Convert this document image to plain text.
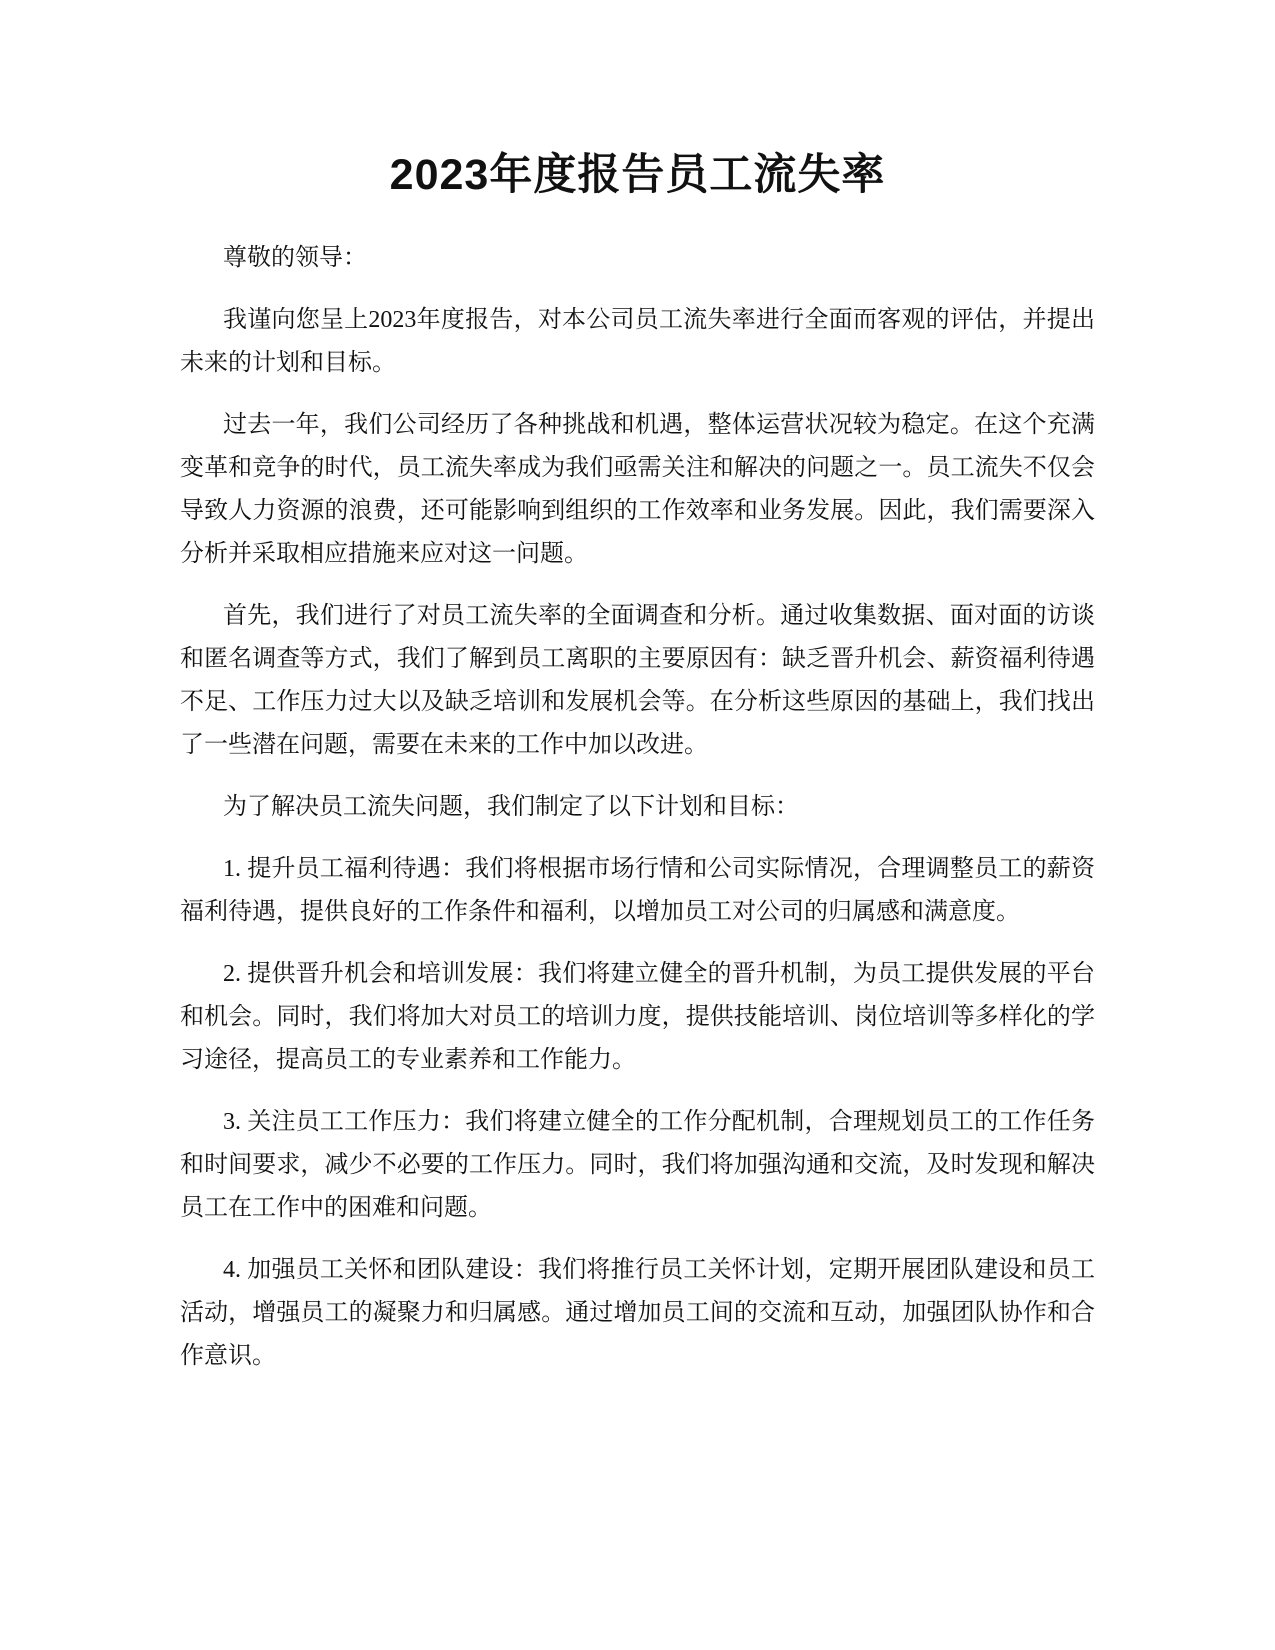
2023年度报告员工流失率

尊敬的领导：

我谨向您呈上2023年度报告，对本公司员工流失率进行全面而客观的评估，并提出未来的计划和目标。

过去一年，我们公司经历了各种挑战和机遇，整体运营状况较为稳定。在这个充满变革和竞争的时代，员工流失率成为我们亟需关注和解决的问题之一。员工流失不仅会导致人力资源的浪费，还可能影响到组织的工作效率和业务发展。因此，我们需要深入分析并采取相应措施来应对这一问题。

首先，我们进行了对员工流失率的全面调查和分析。通过收集数据、面对面的访谈和匿名调查等方式，我们了解到员工离职的主要原因有：缺乏晋升机会、薪资福利待遇不足、工作压力过大以及缺乏培训和发展机会等。在分析这些原因的基础上，我们找出了一些潜在问题，需要在未来的工作中加以改进。

为了解决员工流失问题，我们制定了以下计划和目标：

1. 提升员工福利待遇：我们将根据市场行情和公司实际情况，合理调整员工的薪资福利待遇，提供良好的工作条件和福利，以增加员工对公司的归属感和满意度。

2. 提供晋升机会和培训发展：我们将建立健全的晋升机制，为员工提供发展的平台和机会。同时，我们将加大对员工的培训力度，提供技能培训、岗位培训等多样化的学习途径，提高员工的专业素养和工作能力。

3. 关注员工工作压力：我们将建立健全的工作分配机制，合理规划员工的工作任务和时间要求，减少不必要的工作压力。同时，我们将加强沟通和交流，及时发现和解决员工在工作中的困难和问题。

4. 加强员工关怀和团队建设：我们将推行员工关怀计划，定期开展团队建设和员工活动，增强员工的凝聚力和归属感。通过增加员工间的交流和互动，加强团队协作和合作意识。
